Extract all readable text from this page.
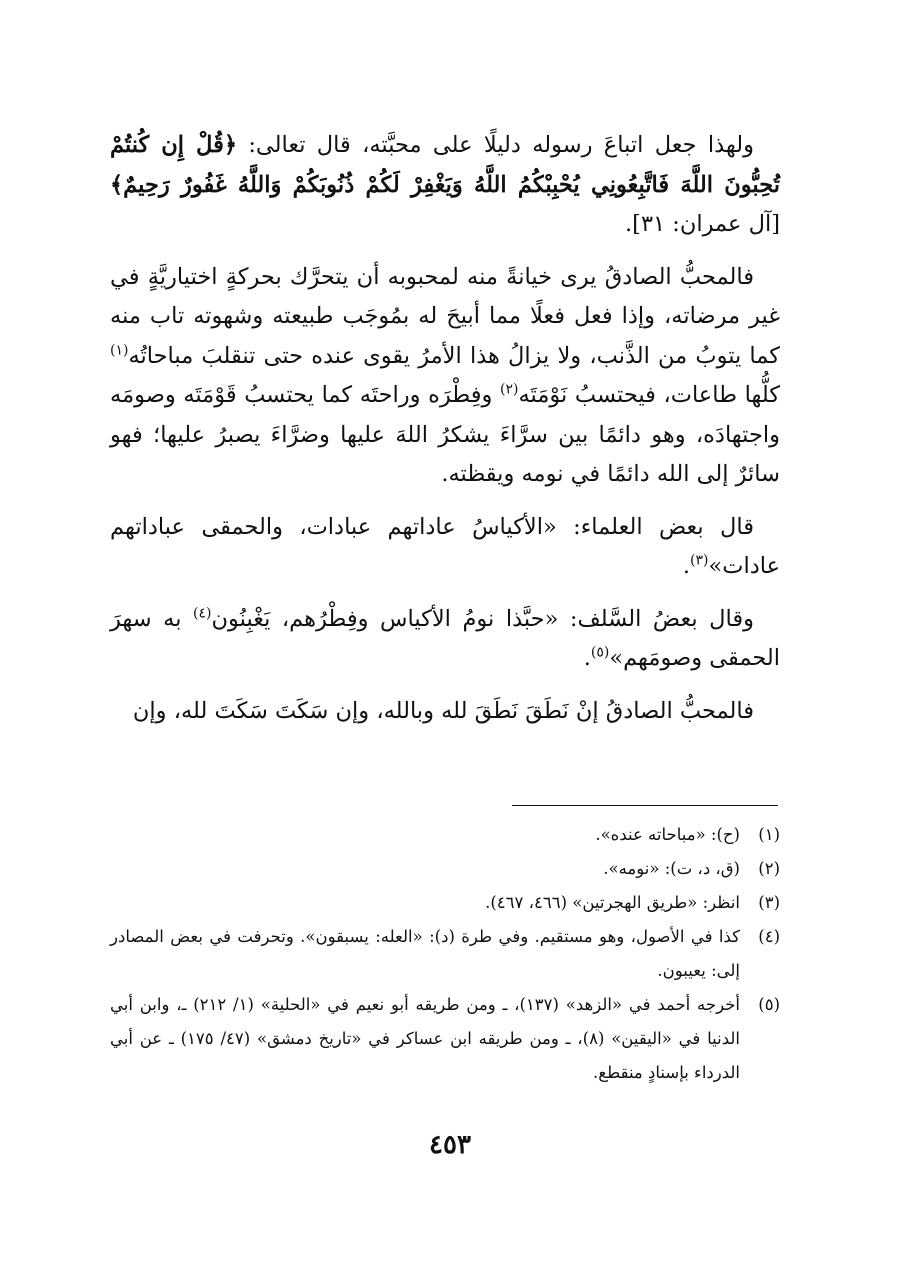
ولهذا جعل اتباعَ رسوله دليلًا على محبَّته، قال تعالى: ﴿قُلْ إِن كُنتُمْ تُحِبُّونَ اللَّهَ فَاتَّبِعُونِي يُحْبِبْكُمُ اللَّهُ وَيَغْفِرْ لَكُمْ ذُنُوبَكُمْ وَاللَّهُ غَفُورٌ رَحِيمٌ﴾ [آل عمران: ٣١].

فالمحبُّ الصادقُ يرى خيانةً منه لمحبوبه أن يتحرَّك بحركةٍ اختياريَّةٍ في غير مرضاته، وإذا فعل فعلًا مما أبيحَ له بمُوجَب طبيعته وشهوته تاب منه كما يتوبُ من الذَّنب، ولا يزالُ هذا الأمرُ يقوى عنده حتى تنقلبَ مباحاتُه$^{(١)}$ كلُّها طاعات، فيحتسبُ نَوْمَتَه$^{(٢)}$ وفِطْرَه وراحتَه كما يحتسبُ قَوْمَتَه وصومَه واجتهادَه، وهو دائمًا بين سرَّاءَ يشكرُ اللهَ عليها وضرَّاءَ يصبرُ عليها؛ فهو سائرٌ إلى الله دائمًا في نومه ويقظته.

قال بعض العلماء: «الأكياسُ عاداتهم عبادات، والحمقى عباداتهم عادات»$^{(٣)}$.

وقال بعضُ السَّلف: «حبَّذا نومُ الأكياس وفِطْرُهم، يَغْبِنُون$^{(٤)}$ به سهرَ الحمقى وصومَهم»$^{(٥)}$.

فالمحبُّ الصادقُ إنْ نَطَقَ نَطَقَ لله وبالله، وإن سَكَتَ سَكَتَ لله، وإن

(١)
(ح): «مباحاته عنده».
(٢)
(ق، د، ت): «نومه».
(٣)
انظر: «طريق الهجرتين» (٤٦٦، ٤٦٧).
(٤)
كذا في الأصول، وهو مستقيم. وفي طرة (د): «العله: يسبقون». وتحرفت في بعض المصادر إلى: يعيبون.
(٥)
أخرجه أحمد في «الزهد» (١٣٧)، ـ ومن طريقه أبو نعيم في «الحلية» (١/ ٢١٢) ـ، وابن أبي الدنيا في «اليقين» (٨)، ـ ومن طريقه ابن عساكر في «تاريخ دمشق» (٤٧/ ١٧٥) ـ عن أبي الدرداء بإسنادٍ منقطع.
٤٥٣
